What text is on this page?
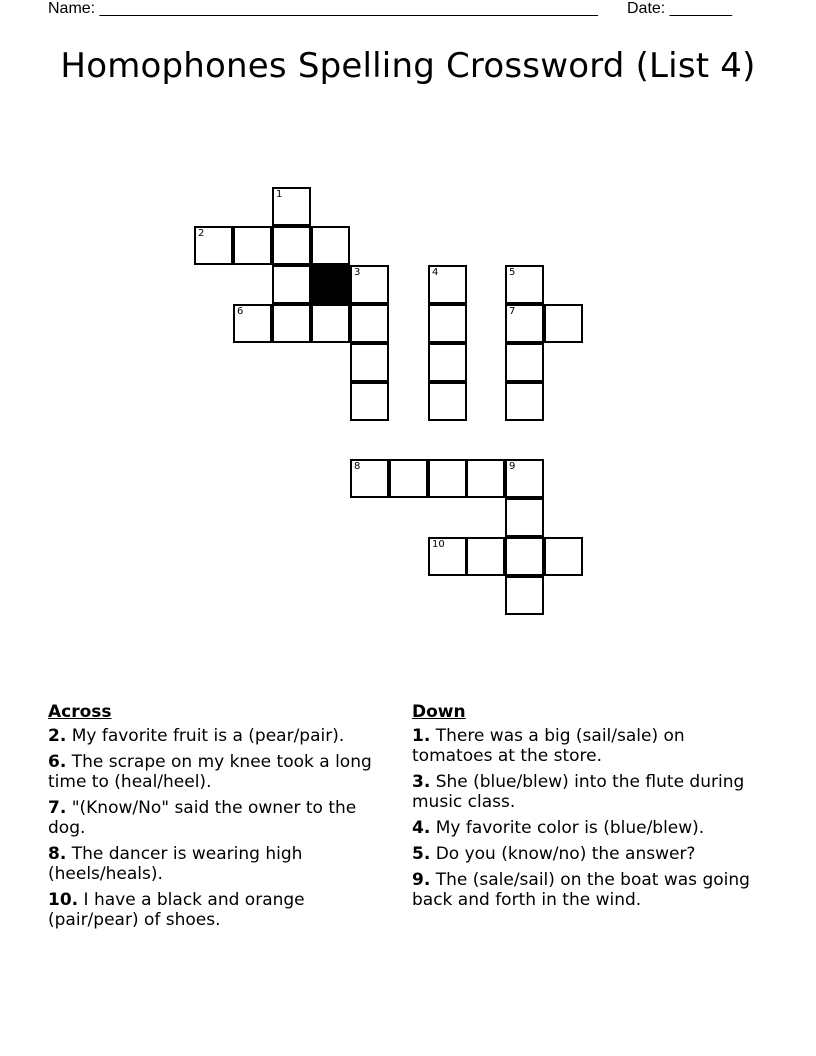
Name: ________________________________________________________ Date: _______
Homophones Spelling Crossword (List 4)
1
2
3	4	5
6	7
8	9
10
Across
2. My favorite fruit is a (pear/pair).
6. The scrape on my knee took a long time to (heal/heel).
7. "(Know/No" said the owner to the dog.
8. The dancer is wearing high (heels/heals).
10. I have a black and orange (pair/pear) of shoes.
Down
1. There was a big (sail/sale) on tomatoes at the store.
3. She (blue/blew) into the flute during music class.
4. My favorite color is (blue/blew).
5. Do you (know/no) the answer?
9. The (sale/sail) on the boat was going back and forth in the wind.
